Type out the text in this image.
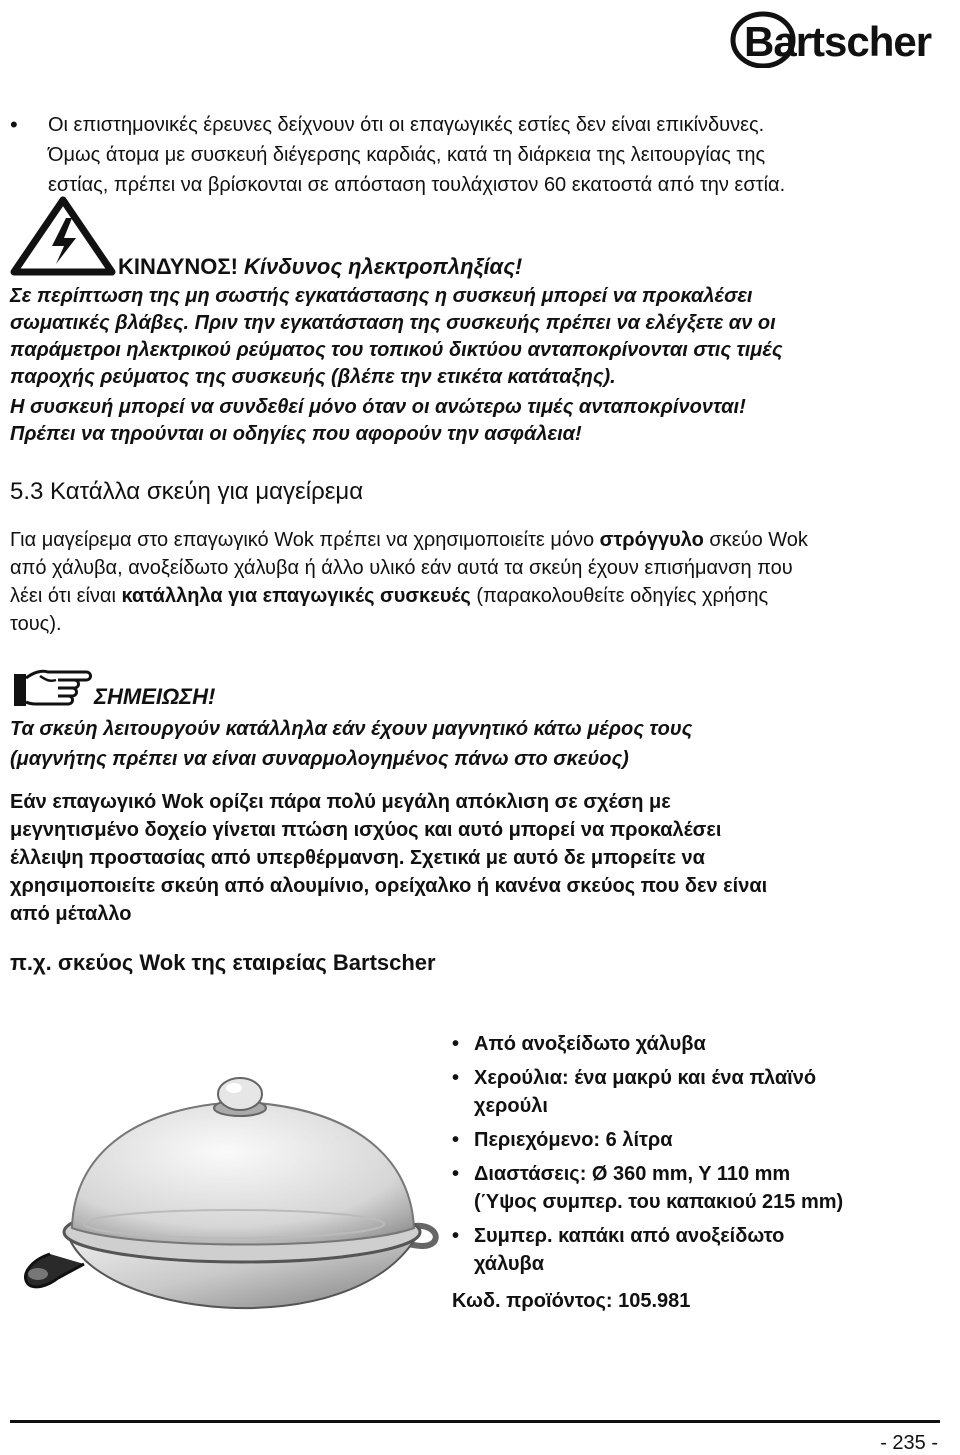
Bartscher
• Οι επιστημονικές έρευνες δείχνουν ότι οι επαγωγικές εστίες δεν είναι επικίνδυνες.
Όμως άτομα με συσκευή διέγερσης καρδιάς, κατά τη διάρκεια της λειτουργίας της
εστίας, πρέπει να βρίσκονται σε απόσταση τουλάχιστον 60 εκατοστά από την εστία.
ΚΙΝΔΥΝΟΣ! Κίνδυνος ηλεκτροπληξίας!
Σε περίπτωση της μη σωστής εγκατάστασης η συσκευή μπορεί να προκαλέσει
σωματικές βλάβες. Πριν την εγκατάσταση της συσκευής πρέπει να ελέγξετε αν οι
παράμετροι ηλεκτρικού ρεύματος του τοπικού δικτύου ανταποκρίνονται στις τιμές
παροχής ρεύματος της συσκευής (βλέπε την ετικέτα κατάταξης).
Η συσκευή μπορεί να συνδεθεί μόνο όταν οι ανώτερω τιμές ανταποκρίνονται!
Πρέπει να τηρούνται οι οδηγίες που αφορούν την ασφάλεια!
5.3 Κατάλλα σκεύη για μαγείρεμα
Για μαγείρεμα στο επαγωγικό Wok πρέπει να χρησιμοποιείτε μόνο στρόγγυλο σκεύο Wok
από χάλυβα, ανοξείδωτο χάλυβα ή άλλο υλικό εάν αυτά τα σκεύη έχουν επισήμανση που
λέει ότι είναι κατάλληλα για επαγωγικές συσκευές (παρακολουθείτε οδηγίες χρήσης
τους).
ΣΗΜΕΙΩΣΗ!
Τα σκεύη λειτουργούν κατάλληλα εάν έχουν μαγνητικό κάτω μέρος τους
(μαγνήτης πρέπει να είναι συναρμολογημένος πάνω στο σκεύος)
Εάν επαγωγικό Wok ορίζει πάρα πολύ μεγάλη απόκλιση σε σχέση με
μεγνητισμένο δοχείο γίνεται πτώση ισχύος και αυτό μπορεί να προκαλέσει
έλλειψη προστασίας από υπερθέρμανση. Σχετικά με αυτό δε μπορείτε να
χρησιμοποιείτε σκεύη από αλουμίνιο, ορείχαλκο ή κανένα σκεύος που δεν είναι
από μέταλλο
π.χ. σκεύος Wok της εταιρείας Bartscher
• Από ανοξείδωτο χάλυβα
• Χερούλια: ένα μακρύ και ένα πλαϊνό
χερούλι
• Περιεχόμενο: 6 λίτρα
• Διαστάσεις: Ø 360 mm, Y 110 mm
(Ύψος συμπερ. του καπακιού 215 mm)
• Συμπερ. καπάκι από ανοξείδωτο
χάλυβα
Κωδ. προϊόντος: 105.981
- 235 -
